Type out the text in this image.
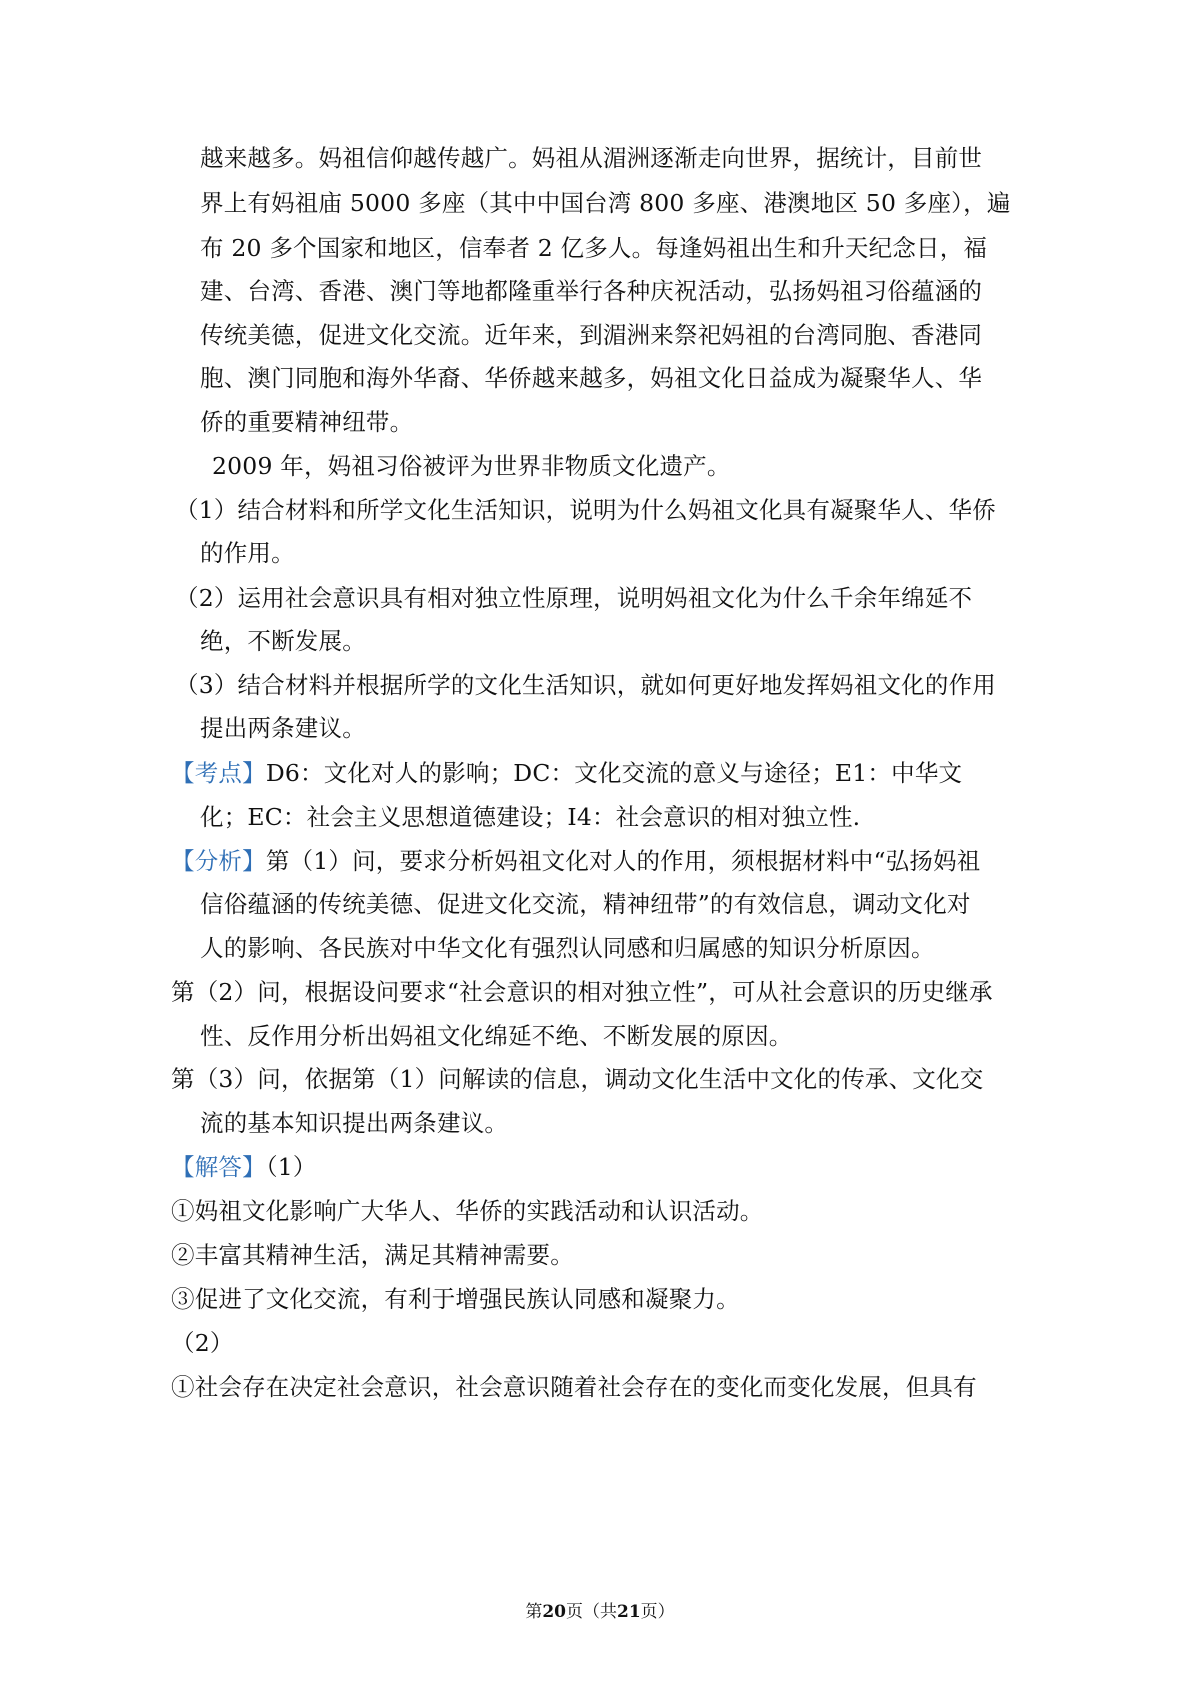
越来越多。妈祖信仰越传越广。妈祖从湄洲逐渐走向世界，据统计，目前世
界上有妈祖庙 5000 多座（其中中国台湾 800 多座、港澳地区 50 多座），遍
布 20 多个国家和地区，信奉者 2 亿多人。每逢妈祖出生和升天纪念日，福
建、台湾、香港、澳门等地都隆重举行各种庆祝活动，弘扬妈祖习俗蕴涵的
传统美德，促进文化交流。近年来，到湄洲来祭祀妈祖的台湾同胞、香港同
胞、澳门同胞和海外华裔、华侨越来越多，妈祖文化日益成为凝聚华人、华
侨的重要精神纽带。
2009 年，妈祖习俗被评为世界非物质文化遗产。
（1）结合材料和所学文化生活知识，说明为什么妈祖文化具有凝聚华人、华侨
的作用。
（2）运用社会意识具有相对独立性原理，说明妈祖文化为什么千余年绵延不
绝，不断发展。
（3）结合材料并根据所学的文化生活知识，就如何更好地发挥妈祖文化的作用
提出两条建议。
【考点】D6：文化对人的影响；DC：文化交流的意义与途径；E1：中华文
化；EC：社会主义思想道德建设；I4：社会意识的相对独立性.
【分析】第（1）问，要求分析妈祖文化对人的作用，须根据材料中“弘扬妈祖
信俗蕴涵的传统美德、促进文化交流，精神纽带”的有效信息，调动文化对
人的影响、各民族对中华文化有强烈认同感和归属感的知识分析原因。
第（2）问，根据设问要求“社会意识的相对独立性”，可从社会意识的历史继承
性、反作用分析出妈祖文化绵延不绝、不断发展的原因。
第（3）问，依据第（1）问解读的信息，调动文化生活中文化的传承、文化交
流的基本知识提出两条建议。
【解答】（1）
①妈祖文化影响广大华人、华侨的实践活动和认识活动。
②丰富其精神生活，满足其精神需要。
③促进了文化交流，有利于增强民族认同感和凝聚力。
（2）
①社会存在决定社会意识，社会意识随着社会存在的变化而变化发展，但具有
第20页（共21页）
